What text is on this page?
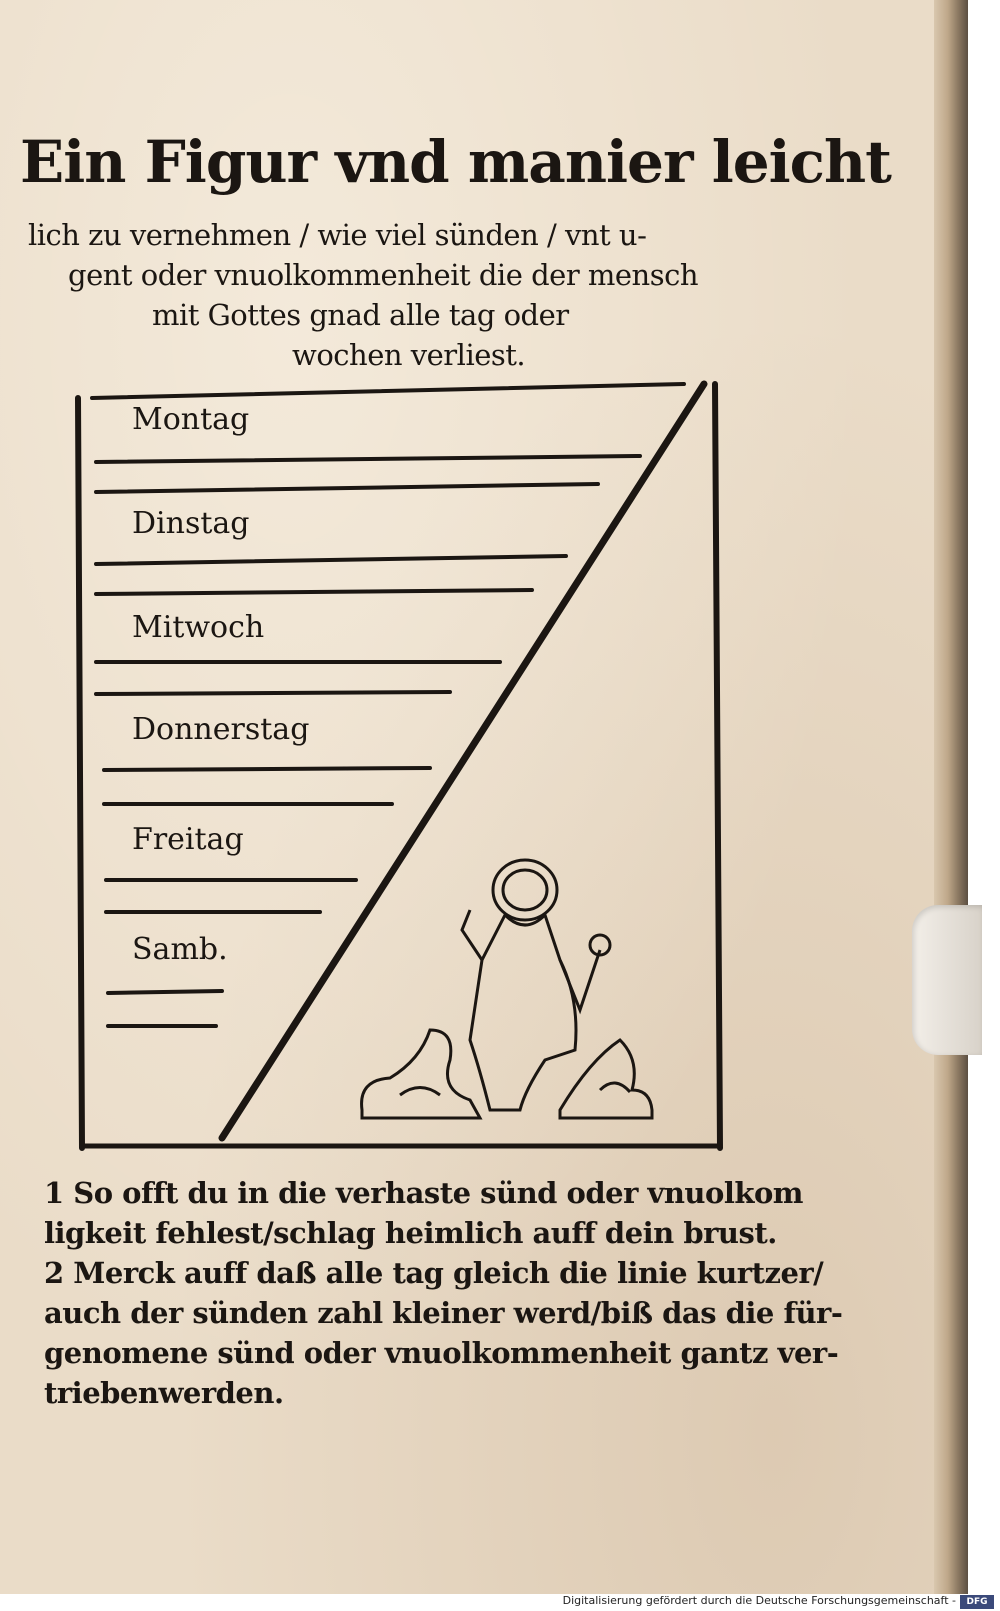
Ein Figur vnd manier leicht
lich zu vernehmen / wie viel sünden / vnt u-
gent oder vnuolkommenheit die der mensch
mit Gottes gnad alle tag oder
wochen verliest.
Montag
Dinstag
Mitwoch
Donnerstag
Freitag
Samb.
1 So offt du in die verhaste sünd oder vnuolkom
ligkeit fehlest/schlag heimlich auff dein brust.
2 Merck auff daß alle tag gleich die linie kurtzer/
auch der sünden zahl kleiner werd/biß das die für-
genomene sünd oder vnuolkommenheit gantz ver-
triebenwerden.
Digitalisierung gefördert durch die Deutsche Forschungsgemeinschaft -	DFG
